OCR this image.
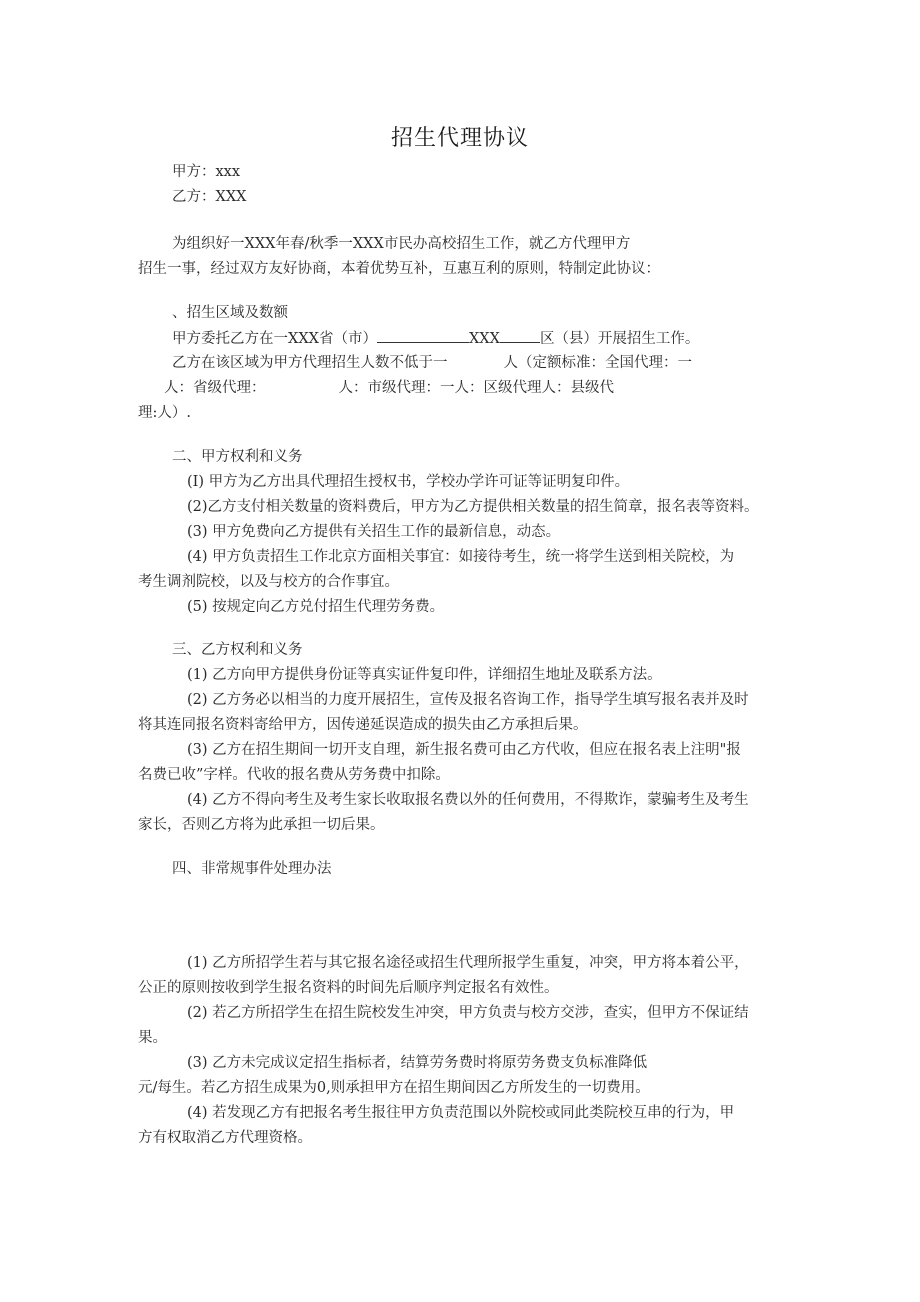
招生代理协议

甲方：xxx

乙方：XXX

为组织好一XXX年春/秋季一XXX市民办高校招生工作，就乙方代理甲方

招生一事，经过双方友好协商，本着优势互补，互惠互利的原则，特制定此协议：

、招生区域及数额

甲方委托乙方在一XXX省（市）	XXX	区（县）开展招生工作。

乙方在该区域为甲方代理招生人数不低于一	人（定额标准：全国代理：一

人：省级代理：	人：市级代理：一人：区级代理人：县级代

理:人）.

二、甲方权利和义务

(I) 甲方为乙方出具代理招生授权书，学校办学许可证等证明复印件。

(2)乙方支付相关数量的资料费后，甲方为乙方提供相关数量的招生简章，报名表等资料。

(3) 甲方免费向乙方提供有关招生工作的最新信息，动态。

(4) 甲方负责招生工作北京方面相关事宜：如接待考生，统一将学生送到相关院校，为

考生调剂院校，以及与校方的合作事宜。

(5) 按规定向乙方兑付招生代理劳务费。

三、乙方权利和义务

(1) 乙方向甲方提供身份证等真实证件复印件，详细招生地址及联系方法。

(2) 乙方务必以相当的力度开展招生，宣传及报名咨询工作，指导学生填写报名表并及时

将其连同报名资料寄给甲方，因传递延误造成的损失由乙方承担后果。

(3) 乙方在招生期间一切开支自理，新生报名费可由乙方代收，但应在报名表上注明"报

名费已收”字样。代收的报名费从劳务费中扣除。

(4) 乙方不得向考生及考生家长收取报名费以外的任何费用，不得欺诈，蒙骗考生及考生

家长，否则乙方将为此承担一切后果。

四、非常规事件处理办法

(1) 乙方所招学生若与其它报名途径或招生代理所报学生重复，冲突，甲方将本着公平，

公正的原则按收到学生报名资料的时间先后顺序判定报名有效性。

(2) 若乙方所招学生在招生院校发生冲突，甲方负责与校方交涉，查实，但甲方不保证结

果。

(3) 乙方未完成议定招生指标者，结算劳务费时将原劳务费支负标准降低

元/每生。若乙方招生成果为0,则承担甲方在招生期间因乙方所发生的一切费用。

(4) 若发现乙方有把报名考生报往甲方负责范围以外院校或同此类院校互串的行为，甲

方有权取消乙方代理资格。
